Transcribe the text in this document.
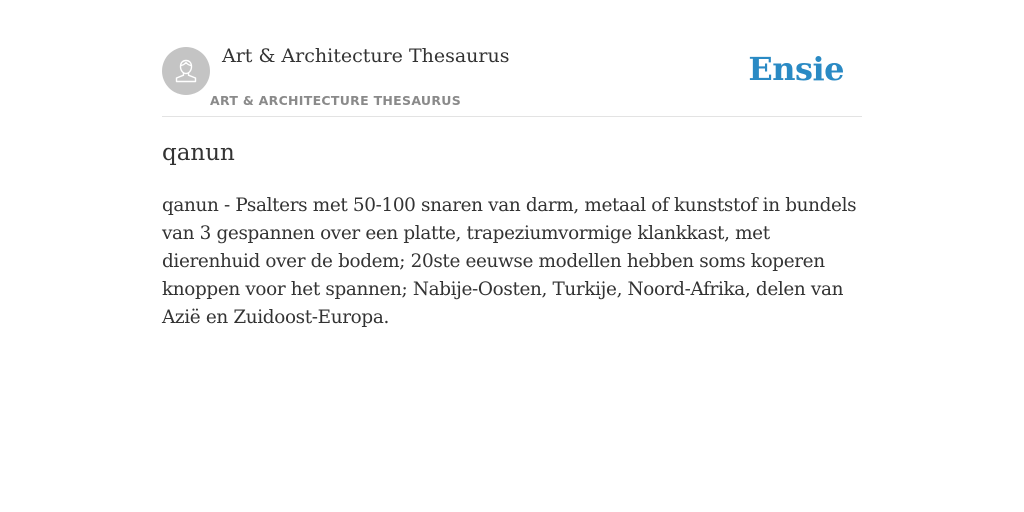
Art & Architecture Thesaurus
ART & ARCHITECTURE THESAURUS
Ensie
qanun

qanun - Psalters met 50-100 snaren van darm, metaal of kunststof in bundels van 3 gespannen over een platte, trapeziumvormige klankkast, met dierenhuid over de bodem; 20ste eeuwse modellen hebben soms koperen knoppen voor het spannen; Nabije-Oosten, Turkije, Noord-Afrika, delen van Azië en Zuidoost-Europa.
